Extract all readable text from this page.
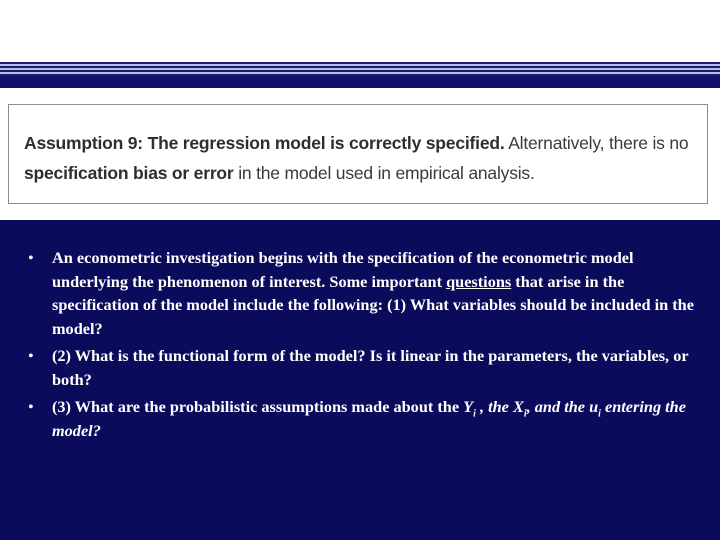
Assumption 9: The regression model is correctly specified. Alternatively, there is no
specification bias or error in the model used in empirical analysis.
• An econometric investigation begins with the specification of the econometric model underlying the phenomenon of interest. Some important questions that arise in the specification of the model include the following: (1) What variables should be included in the model?
• (2) What is the functional form of the model? Is it linear in the parameters, the variables, or both?
• (3) What are the probabilistic assumptions made about the $Y_i$ , the $X_i$, and the $u_i$ entering the model?
